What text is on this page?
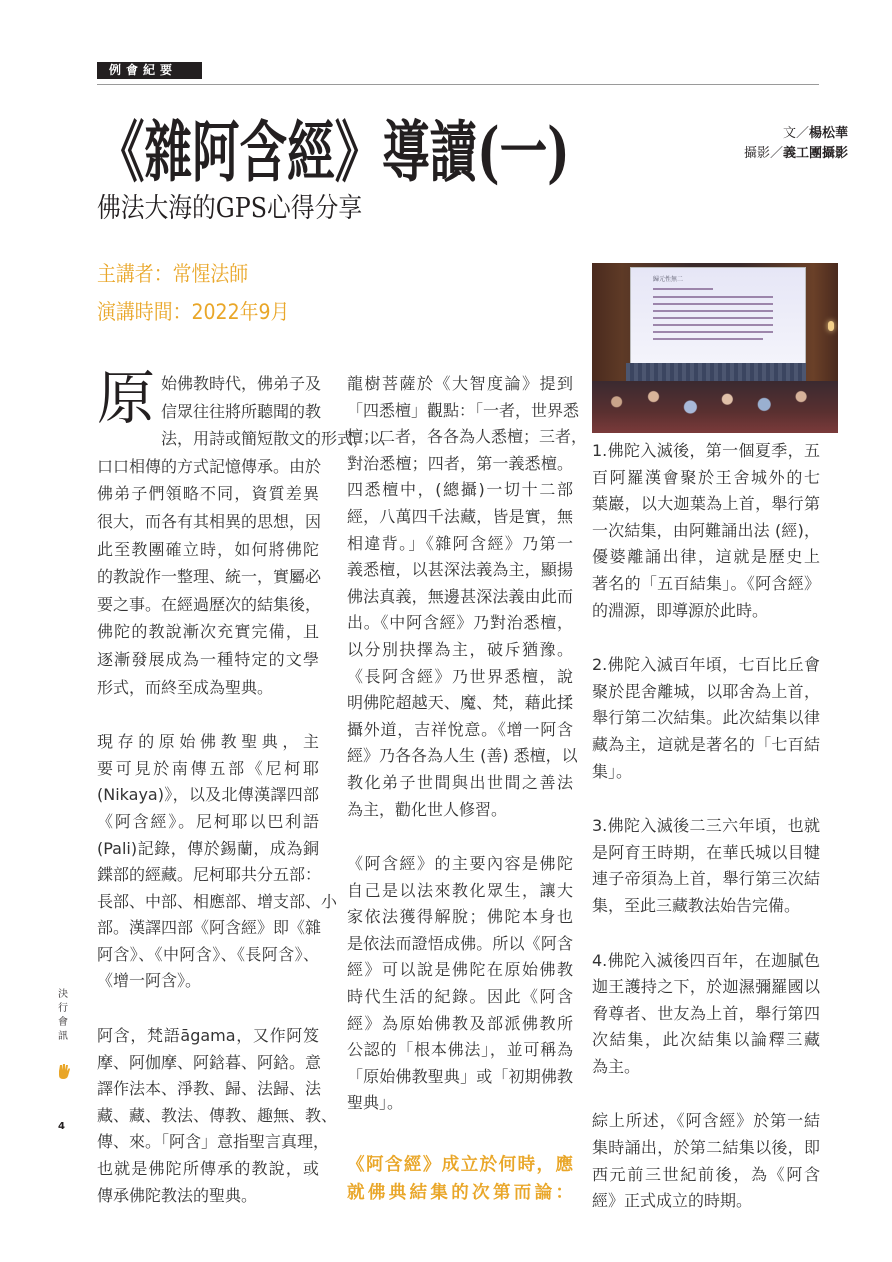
例會紀要
《雜阿含經》導讀(一)
佛法大海的GPS心得分享
文／楊松華
攝影／義工團攝影
主講者：常惺法師
演講時間：2022年9月
歸元性無二
原 始佛教時代，佛弟子及
信眾往往將所聽聞的教
法，用詩或簡短散文的形式，以
口口相傳的方式記憶傳承。由於
佛弟子們領略不同，資質差異
很大，而各有其相異的思想，因
此至教團確立時，如何將佛陀
的教說作一整理、統一，實屬必
要之事。在經過歷次的結集後，
佛陀的教說漸次充實完備，且
逐漸發展成為一種特定的文學
形式，而終至成為聖典。
現存的原始佛教聖典，主
要可見於南傳五部《尼柯耶
(Nikaya)》，以及北傳漢譯四部
《阿含經》。尼柯耶以巴利語
(Pali)記錄，傳於錫蘭，成為銅
鍱部的經藏。尼柯耶共分五部：
長部、中部、相應部、增支部、小
部。漢譯四部《阿含經》即《雜
阿含》、《中阿含》、《長阿含》、
《增一阿含》。
阿含，梵語āgama，又作阿笈
摩、阿伽摩、阿鋡暮、阿鋡。意
譯作法本、淨教、歸、法歸、法
藏、藏、教法、傳教、趣無、教、
傳、來。「阿含」意指聖言真理，
也就是佛陀所傳承的教說，或
傳承佛陀教法的聖典。
龍樹菩薩於《大智度論》提到
「四悉檀」觀點：「一者，世界悉
檀；二者，各各為人悉檀；三者，
對治悉檀；四者，第一義悉檀。
四悉檀中，(總攝)一切十二部
經，八萬四千法藏，皆是實，無
相違背。」《雜阿含經》乃第一
義悉檀，以甚深法義為主，顯揚
佛法真義，無邊甚深法義由此而
出。《中阿含經》乃對治悉檀，
以分別抉擇為主，破斥猶豫。
《長阿含經》乃世界悉檀，說
明佛陀超越天、魔、梵，藉此揉
攝外道，吉祥悅意。《增一阿含
經》乃各各為人生 (善) 悉檀，以
教化弟子世間與出世間之善法
為主，勸化世人修習。
《阿含經》的主要內容是佛陀
自己是以法來教化眾生，讓大
家依法獲得解脫；佛陀本身也
是依法而證悟成佛。所以《阿含
經》可以說是佛陀在原始佛教
時代生活的紀錄。因此《阿含
經》為原始佛教及部派佛教所
公認的「根本佛法」，並可稱為
「原始佛教聖典」或「初期佛教
聖典」。
《阿含經》成立於何時，應
就佛典結集的次第而論：
1.佛陀入滅後，第一個夏季，五
百阿羅漢會聚於王舍城外的七
葉巖，以大迦葉為上首，舉行第
一次結集，由阿難誦出法 (經)，
優婆離誦出律，這就是歷史上
著名的「五百結集」。《阿含經》
的淵源，即導源於此時。
2.佛陀入滅百年頃，七百比丘會
聚於毘舍離城，以耶舍為上首，
舉行第二次結集。此次結集以律
藏為主，這就是著名的「七百結
集」。
3.佛陀入滅後二三六年頃，也就
是阿育王時期，在華氏城以目犍
連子帝須為上首，舉行第三次結
集，至此三藏教法始告完備。
4.佛陀入滅後四百年，在迦膩色
迦王護持之下，於迦濕彌羅國以
脅尊者、世友為上首，舉行第四
次結集，此次結集以論釋三藏
為主。
綜上所述，《阿含經》於第一結
集時誦出，於第二結集以後，即
西元前三世紀前後，為《阿含
經》正式成立的時期。
決
行
會
訊
4
